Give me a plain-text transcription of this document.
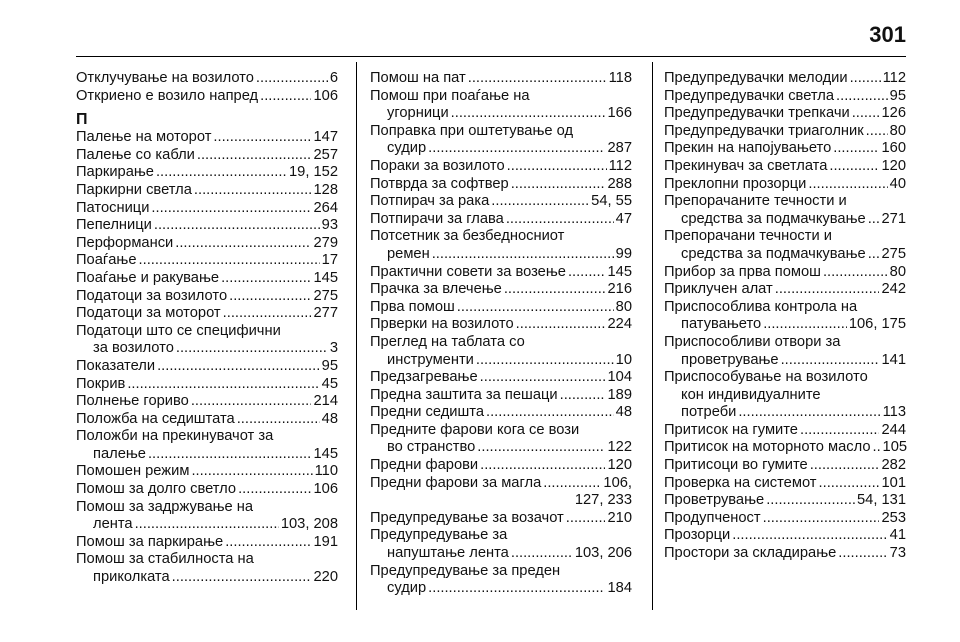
301
Отклучување на возилото .....	6
Откриено е возило напред .....	106
П
Палење на моторот .....	147
Палење со кабли .....	257
Паркирање .....	19, 152
Паркирни светла .....	128
Патосници .....	264
Пепелници .....	93
Перформанси .....	279
Поаѓање .....	17
Поаѓање и ракување .....	145
Податоци за возилото .....	275
Податоци за моторот .....	277
Податоци што се специфични
за возилото .....	3
Показатели .....	95
Покрив .....	45
Полнење гориво .....	214
Положба на седиштата .....	48
Положби на прекинувачот за
палење .....	145
Помошен режим .....	110
Помош за долго светло .....	106
Помош за задржување на
лента .....	103, 208
Помош за паркирање .....	191
Помош за стабилноста на
приколката .....	220
Помош на пат .....	118
Помош при поаѓање на
угорници .....	166
Поправка при оштетување од
судир .....	287
Пораки за возилото .....	112
Потврда за софтвер .....	288
Потпирач за рака .....	54, 55
Потпирачи за глава .....	47
Потсетник за безбедносниот
ремен .....	99
Практични совети за возење .....	145
Прачка за влечење .....	216
Прва помош .....	80
Прверки на возилото .....	224
Преглед на таблата со
инструменти .....	10
Предзагревање .....	104
Предна заштита за пешаци .....	189
Предни седишта .....	48
Предните фарови кога се вози
во странство .....	122
Предни фарови .....	120
Предни фарови за магла .....	106,
127, 233
Предупредување за возачот .....	210
Предупредување за
напуштање лента .....	103, 206
Предупредување за преден
судир .....	184
Предупредувачки мелодии ..... 112
Предупредувачки светла .....	95
Предупредувачки трепкачи ..... 126
Предупредувачки триаголник ..... 80
Прекин на напојувањето .....	160
Прекинувач за светлата .....	120
Преклопни прозорци .....	40
Препорачаните течности и
средства за подмачкување ..... 271
Препорачани течности и
средства за подмачкување ..... 275
Прибор за прва помош .....	80
Приклучен алат .....	242
Приспособлива контрола на
патувањето .....	106, 175
Приспособливи отвори за
проветрување .....	141
Приспособување на возилото
кон индивидуалните
потреби .....	113
Притисок на гумите .....	244
Притисок на моторното масло ..... 105
Притисоци во гумите .....	282
Проверка на системот .....	101
Проветрување .....	54, 131
Продупченост .....	253
Прозорци .....	41
Простори за складирање .....	73
